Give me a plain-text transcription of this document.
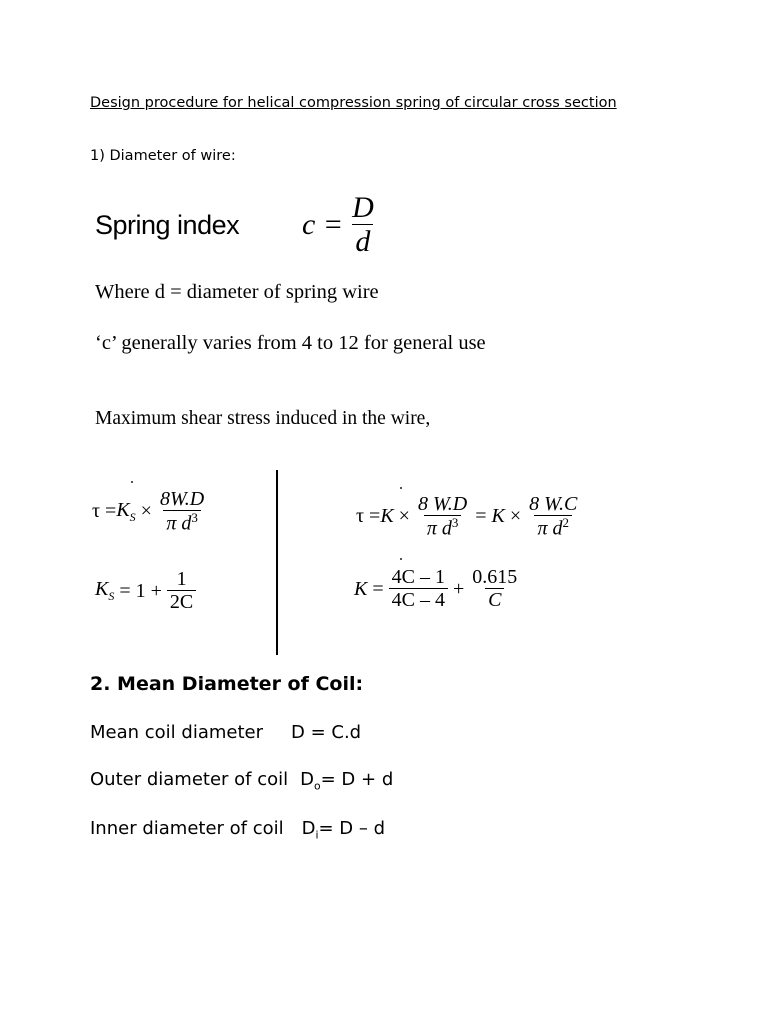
Design procedure for helical compression spring of circular cross section
1) Diameter of wire:
Spring index $c = \frac{D}{d}$
Where d = diameter of spring wire
‘c’ generally varies from 4 to 12 for general use
Maximum shear stress induced in the wire,
$\tau = K_S \times \frac{8W.D}{\pi d^3}$
$K_S = 1 + \frac{1}{2C}$
$\tau = K \times \frac{8 W.D}{\pi d^3} = K \times \frac{8 W.C}{\pi d^2}$
$K = \frac{4C - 1}{4C - 4} + \frac{0.615}{C}$
2. Mean Diameter of Coil:
Mean coil diameter D = C.d
Outer diameter of coil $D_o= D + d$
Inner diameter of coil $D_i= D - d$
